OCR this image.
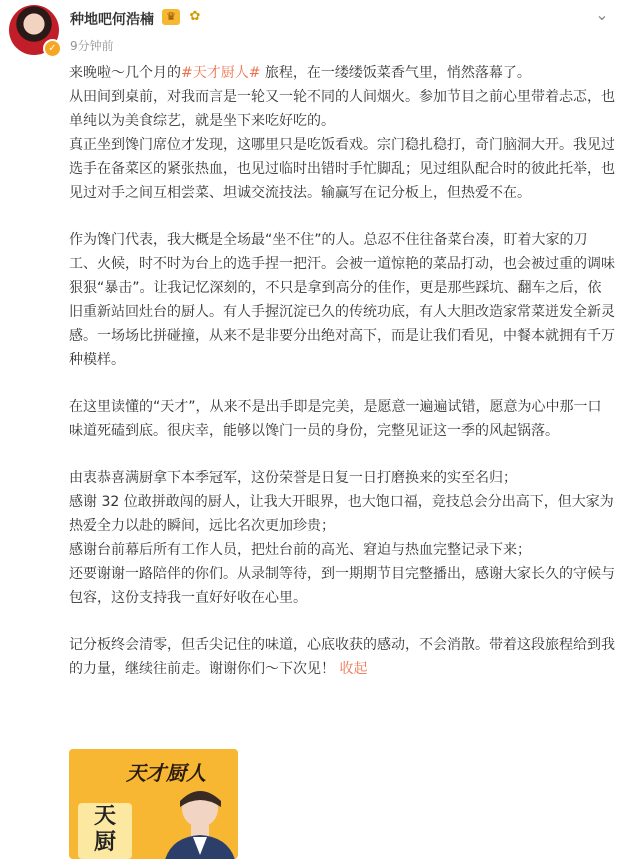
✓
种地吧何浩楠	♛	✿
9分钟前
⌄

来晚啦～几个月的#天才厨人# 旅程，在一缕缕饭菜香气里，悄然落幕了。

从田间到桌前，对我而言是一轮又一轮不同的人间烟火。参加节目之前心里带着忐忑，也单纯以为美食综艺，就是坐下来吃好吃的。

真正坐到馋门席位才发现，这哪里只是吃饭看戏。宗门稳扎稳打，奇门脑洞大开。我见过选手在备菜区的紧张热血，也见过临时出错时手忙脚乱；见过组队配合时的彼此托举，也见过对手之间互相尝菜、坦诚交流技法。输赢写在记分板上，但热爱不在。

作为馋门代表，我大概是全场最“坐不住”的人。总忍不住往备菜台凑，盯着大家的刀工、火候，时不时为台上的选手捏一把汗。会被一道惊艳的菜品打动，也会被过重的调味狠狠“暴击”。让我记忆深刻的，不只是拿到高分的佳作，更是那些踩坑、翻车之后，依旧重新站回灶台的厨人。有人手握沉淀已久的传统功底，有人大胆改造家常菜迸发全新灵感。一场场比拼碰撞，从来不是非要分出绝对高下，而是让我们看见，中餐本就拥有千万种模样。

在这里读懂的“天才”，从来不是出手即是完美，是愿意一遍遍试错，愿意为心中那一口味道死磕到底。很庆幸，能够以馋门一员的身份，完整见证这一季的风起锅落。

由衷恭喜满厨拿下本季冠军，这份荣誉是日复一日打磨换来的实至名归；

感谢 32 位敢拼敢闯的厨人，让我大开眼界，也大饱口福，竞技总会分出高下，但大家为热爱全力以赴的瞬间，远比名次更加珍贵；

感谢台前幕后所有工作人员，把灶台前的高光、窘迫与热血完整记录下来；

还要谢谢一路陪伴的你们。从录制等待，到一期期节目完整播出，感谢大家长久的守候与包容，这份支持我一直好好收在心里。

记分板终会清零，但舌尖记住的味道，心底收获的感动，不会消散。带着这段旅程给到我的力量，继续往前走。谢谢你们～下次见！ 收起

天才厨人
天
厨
